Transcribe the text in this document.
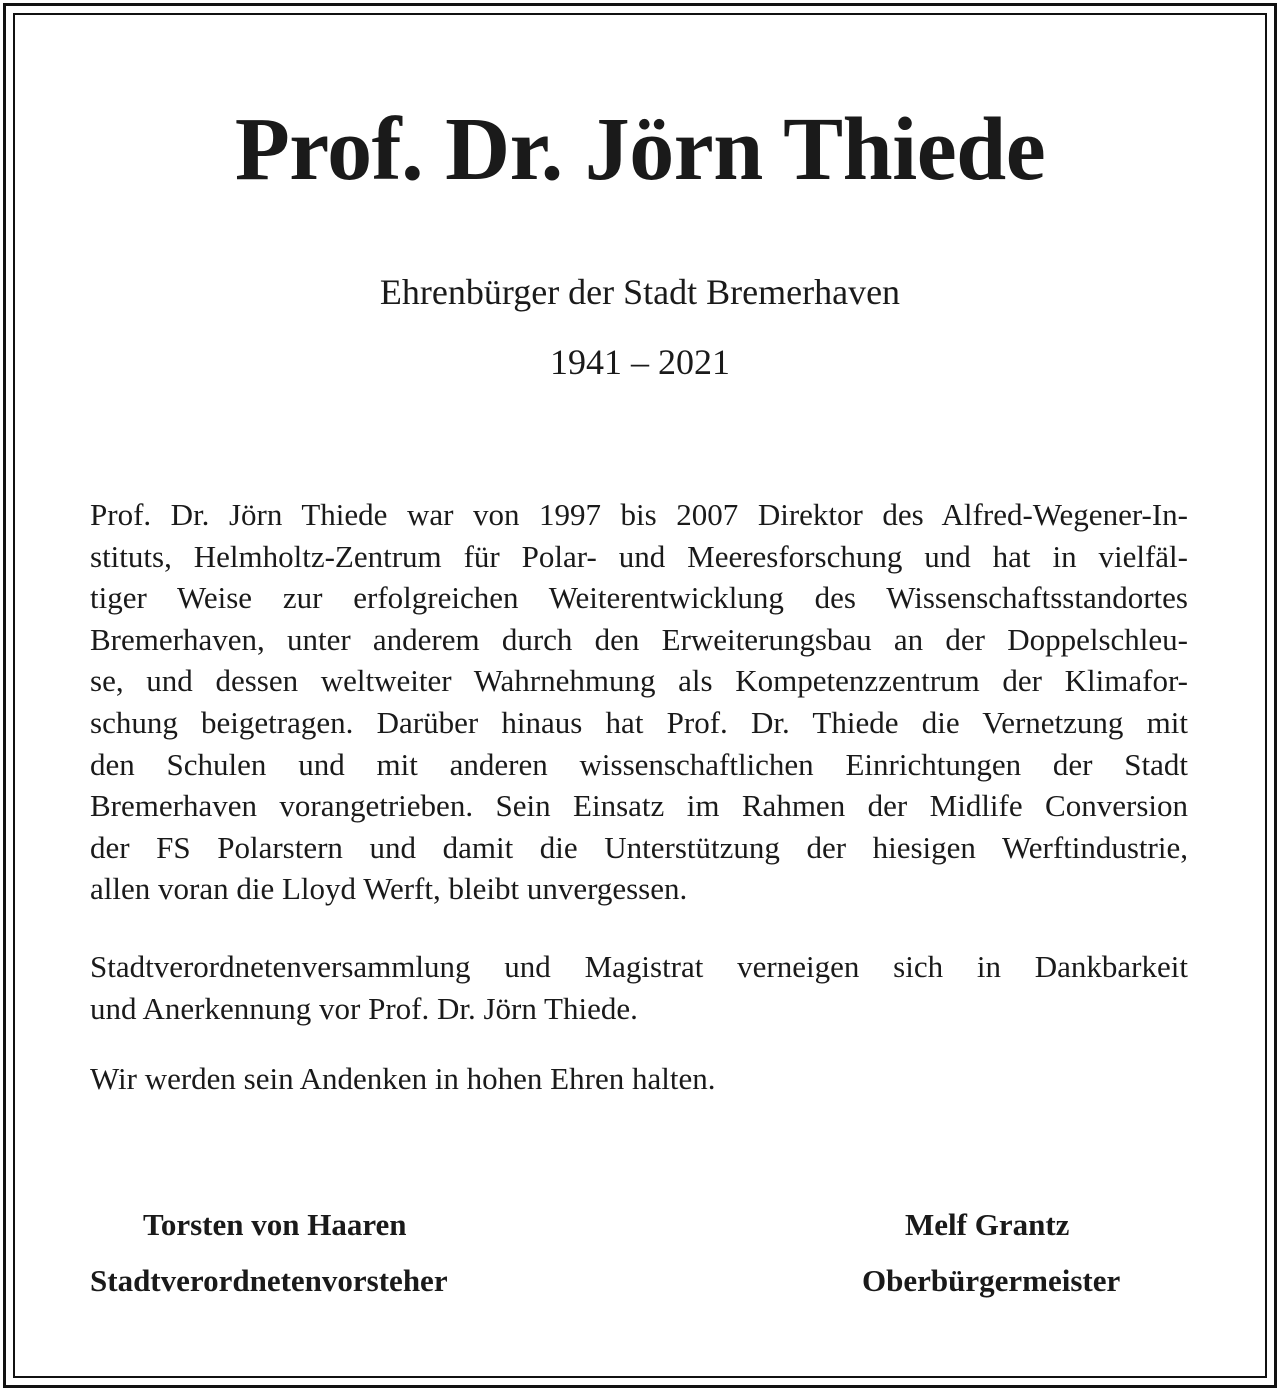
Prof. Dr. Jörn Thiede
Ehrenbürger der Stadt Bremerhaven
1941 – 2021
Prof. Dr. Jörn Thiede war von 1997 bis 2007 Direktor des Alfred-Wegener-In-
stituts, Helmholtz-Zentrum für Polar- und Meeresforschung und hat in vielfäl-
tiger Weise zur erfolgreichen Weiterentwicklung des Wissenschaftsstandortes
Bremerhaven, unter anderem durch den Erweiterungsbau an der Doppelschleu-
se, und dessen weltweiter Wahrnehmung als Kompetenzzentrum der Klimafor-
schung beigetragen. Darüber hinaus hat Prof. Dr. Thiede die Vernetzung mit
den Schulen und mit anderen wissenschaftlichen Einrichtungen der Stadt
Bremerhaven vorangetrieben. Sein Einsatz im Rahmen der Midlife Conversion
der FS Polarstern und damit die Unterstützung der hiesigen Werftindustrie,
allen voran die Lloyd Werft, bleibt unvergessen.
Stadtverordnetenversammlung und Magistrat verneigen sich in Dankbarkeit
und Anerkennung vor Prof. Dr. Jörn Thiede.
Wir werden sein Andenken in hohen Ehren halten.
Torsten von Haaren
Stadtverordnetenvorsteher
Melf Grantz
Oberbürgermeister
